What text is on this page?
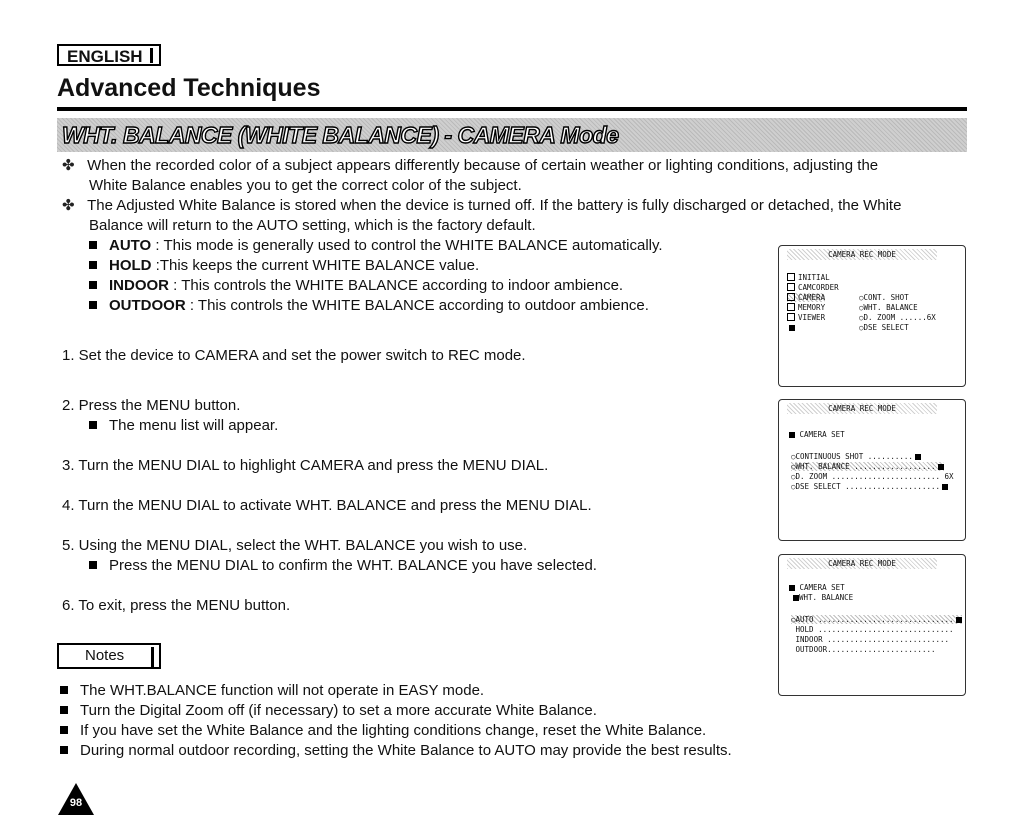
ENGLISH
Advanced Techniques
WHT. BALANCE (WHITE BALANCE) - CAMERA Mode
✤ When the recorded color of a subject appears differently because of certain weather or lighting conditions, adjusting the
White Balance enables you to get the correct color of the subject.
✤ The Adjusted White Balance is stored when the device is turned off. If the battery is fully discharged or detached, the White
Balance will return to the AUTO setting, which is the factory default.
AUTO : This mode is generally used to control the WHITE BALANCE automatically.
HOLD :This keeps the current WHITE BALANCE value.
INDOOR : This controls the WHITE BALANCE according to indoor ambience.
OUTDOOR : This controls the WHITE BALANCE according to outdoor ambience.
1. Set the device to CAMERA and set the power switch to REC mode.
2. Press the MENU button.
The menu list will appear.
3. Turn the MENU DIAL to highlight CAMERA and press the MENU DIAL.
4. Turn the MENU DIAL to activate WHT. BALANCE and press the MENU DIAL.
5. Using the MENU DIAL, select the WHT. BALANCE you wish to use.
Press the MENU DIAL to confirm the WHT. BALANCE you have selected.
6. To exit, press the MENU button.
Notes
The WHT.BALANCE function will not operate in EASY mode.
Turn the Digital Zoom off (if necessary) to set a more accurate White Balance.
If you have set the White Balance and the lighting conditions change, reset the White Balance.
During normal outdoor recording, setting the White Balance to AUTO may provide the best results.
CAMERA REC MODE
INITIAL
CAMCORDER
CAMERA
MEMORY
VIEWER
○CONT. SHOT
○WHT. BALANCE
○D. ZOOM ......6X
○DSE SELECT
CAMERA REC MODE
CAMERA SET
○CONTINUOUS SHOT ..........
○WHT. BALANCE ..................
○D. ZOOM ........................ 6X
○DSE SELECT .....................
CAMERA REC MODE
CAMERA SET
WHT. BALANCE
○AUTO ..............................
HOLD ..............................
INDOOR ...........................
OUTDOOR........................
98
